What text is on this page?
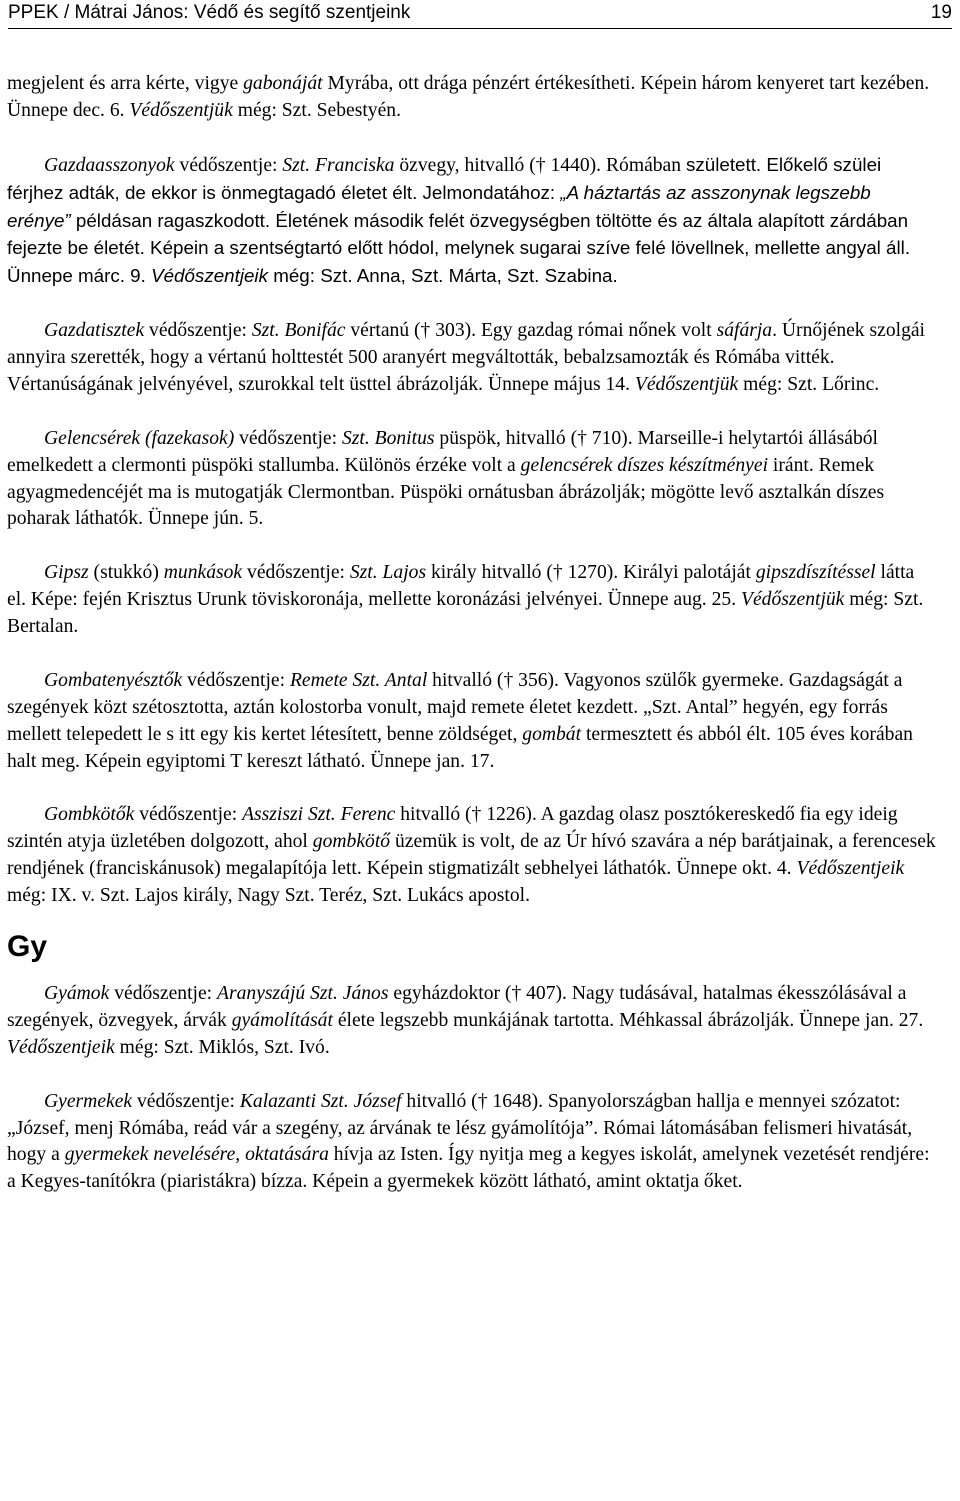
PPEK / Mátrai János: Védő és segítő szentjeink	19

megjelent és arra kérte, vigye gabonáját Myrába, ott drága pénzért értékesítheti. Képein három kenyeret tart kezében. Ünnepe dec. 6. Védőszentjük még: Szt. Sebestyén.

Gazdaasszonyok védőszentje: Szt. Franciska özvegy, hitvalló († 1440). Rómában született. Előkelő szülei férjhez adták, de ekkor is önmegtagadó életet élt. Jelmondatához: „A háztartás az asszonynak legszebb erénye” példásan ragaszkodott. Életének második felét özvegységben töltötte és az általa alapított zárdában fejezte be életét. Képein a szentségtartó előtt hódol, melynek sugarai szíve felé lövellnek, mellette angyal áll. Ünnepe márc. 9. Védőszentjeik még: Szt. Anna, Szt. Márta, Szt. Szabina.

Gazdatisztek védőszentje: Szt. Bonifác vértanú († 303). Egy gazdag római nőnek volt sáfárja. Úrnőjének szolgái annyira szerették, hogy a vértanú holttestét 500 aranyért megváltották, bebalzsamozták és Rómába vitték. Vértanúságának jelvényével, szurokkal telt üsttel ábrázolják. Ünnepe május 14. Védőszentjük még: Szt. Lőrinc.

Gelencsérek (fazekasok) védőszentje: Szt. Bonitus püspök, hitvalló († 710). Marseille-i helytartói állásából emelkedett a clermonti püspöki stallumba. Különös érzéke volt a gelencsérek díszes készítményei iránt. Remek agyagmedencéjét ma is mutogatják Clermontban. Püspöki ornátusban ábrázolják; mögötte levő asztalkán díszes poharak láthatók. Ünnepe jún. 5.

Gipsz (stukkó) munkások védőszentje: Szt. Lajos király hitvalló († 1270). Királyi palotáját gipszdíszítéssel látta el. Képe: fején Krisztus Urunk töviskoronája, mellette koronázási jelvényei. Ünnepe aug. 25. Védőszentjük még: Szt. Bertalan.

Gombatenyésztők védőszentje: Remete Szt. Antal hitvalló († 356). Vagyonos szülők gyermeke. Gazdagságát a szegények közt szétosztotta, aztán kolostorba vonult, majd remete életet kezdett. „Szt. Antal” hegyén, egy forrás mellett telepedett le s itt egy kis kertet létesített, benne zöldséget, gombát termesztett és abból élt. 105 éves korában halt meg. Képein egyiptomi T kereszt látható. Ünnepe jan. 17.

Gombkötők védőszentje: Assziszi Szt. Ferenc hitvalló († 1226). A gazdag olasz posztókereskedő fia egy ideig szintén atyja üzletében dolgozott, ahol gombkötő üzemük is volt, de az Úr hívó szavára a nép barátjainak, a ferencesek rendjének (franciskánusok) megalapítója lett. Képein stigmatizált sebhelyei láthatók. Ünnepe okt. 4. Védőszentjeik még: IX. v. Szt. Lajos király, Nagy Szt. Teréz, Szt. Lukács apostol.

Gy

Gyámok védőszentje: Aranyszájú Szt. János egyházdoktor († 407). Nagy tudásával, hatalmas ékesszólásával a szegények, özvegyek, árvák gyámolítását élete legszebb munkájának tartotta. Méhkassal ábrázolják. Ünnepe jan. 27. Védőszentjeik még: Szt. Miklós, Szt. Ivó.

Gyermekek védőszentje: Kalazanti Szt. József hitvalló († 1648). Spanyolországban hallja e mennyei szózatot: „József, menj Rómába, reád vár a szegény, az árvának te lész gyámolítója”. Római látomásában felismeri hivatását, hogy a gyermekek nevelésére, oktatására hívja az Isten. Így nyitja meg a kegyes iskolát, amelynek vezetését rendjére: a Kegyes-tanítókra (piaristákra) bízza. Képein a gyermekek között látható, amint oktatja őket.
